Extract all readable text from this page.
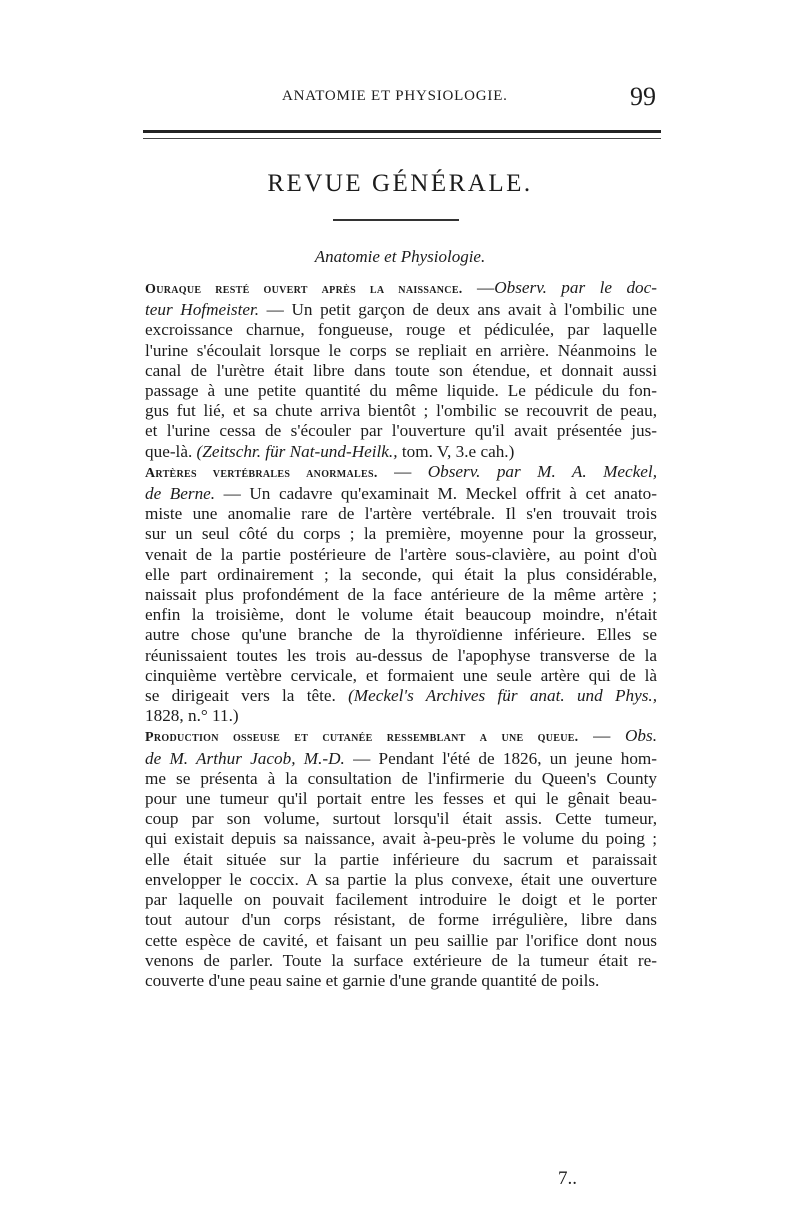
ANATOMIE ET PHYSIOLOGIE.	99
REVUE GÉNÉRALE.
Anatomie et Physiologie.
Ouraque resté ouvert après la naissance. —Observ. par le doc-
teur Hofmeister. — Un petit garçon de deux ans avait à l'ombilic une
excroissance charnue, fongueuse, rouge et pédiculée, par laquelle
l'urine s'écoulait lorsque le corps se repliait en arrière. Néanmoins le
canal de l'urètre était libre dans toute son étendue, et donnait aussi
passage à une petite quantité du même liquide. Le pédicule du fon-
gus fut lié, et sa chute arriva bientôt ; l'ombilic se recouvrit de peau,
et l'urine cessa de s'écouler par l'ouverture qu'il avait présentée jus-
que-là. (Zeitschr. für Nat-und-Heilk., tom. V, 3.e cah.)
Artères vertébrales anormales. — Observ. par M. A. Meckel,
de Berne. — Un cadavre qu'examinait M. Meckel offrit à cet anato-
miste une anomalie rare de l'artère vertébrale. Il s'en trouvait trois
sur un seul côté du corps ; la première, moyenne pour la grosseur,
venait de la partie postérieure de l'artère sous-clavière, au point d'où
elle part ordinairement ; la seconde, qui était la plus considérable,
naissait plus profondément de la face antérieure de la même artère ;
enfin la troisième, dont le volume était beaucoup moindre, n'était
autre chose qu'une branche de la thyroïdienne inférieure. Elles se
réunissaient toutes les trois au-dessus de l'apophyse transverse de la
cinquième vertèbre cervicale, et formaient une seule artère qui de là
se dirigeait vers la tête. (Meckel's Archives für anat. und Phys.,
1828, n.° 11.)
Production osseuse et cutanée ressemblant a une queue. — Obs.
de M. Arthur Jacob, M.-D. — Pendant l'été de 1826, un jeune hom-
me se présenta à la consultation de l'infirmerie du Queen's County
pour une tumeur qu'il portait entre les fesses et qui le gênait beau-
coup par son volume, surtout lorsqu'il était assis. Cette tumeur,
qui existait depuis sa naissance, avait à-peu-près le volume du poing ;
elle était située sur la partie inférieure du sacrum et paraissait
envelopper le coccix. A sa partie la plus convexe, était une ouverture
par laquelle on pouvait facilement introduire le doigt et le porter
tout autour d'un corps résistant, de forme irrégulière, libre dans
cette espèce de cavité, et faisant un peu saillie par l'orifice dont nous
venons de parler. Toute la surface extérieure de la tumeur était re-
couverte d'une peau saine et garnie d'une grande quantité de poils.
7..
